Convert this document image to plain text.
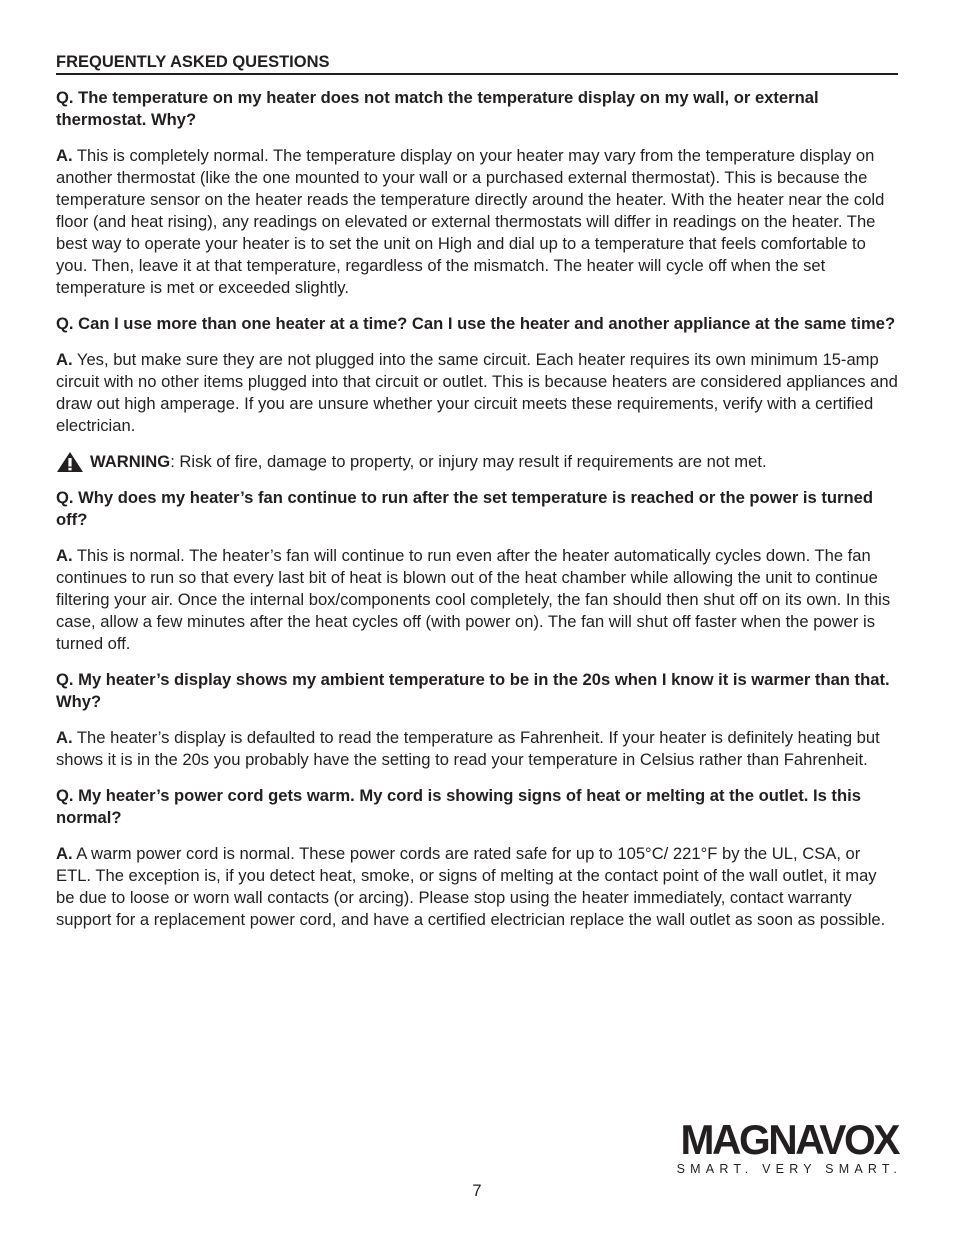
FREQUENTLY ASKED QUESTIONS
Q. The temperature on my heater does not match the temperature display on my wall, or external thermostat. Why?
A. This is completely normal. The temperature display on your heater may vary from the temperature display on another thermostat (like the one mounted to your wall or a purchased external thermostat). This is because the temperature sensor on the heater reads the temperature directly around the heater. With the heater near the cold floor (and heat rising), any readings on elevated or external thermostats will differ in readings on the heater. The best way to operate your heater is to set the unit on High and dial up to a temperature that feels comfortable to you. Then, leave it at that temperature, regardless of the mismatch. The heater will cycle off when the set temperature is met or exceeded slightly.
Q. Can I use more than one heater at a time? Can I use the heater and another appliance at the same time?
A. Yes, but make sure they are not plugged into the same circuit. Each heater requires its own minimum 15-amp circuit with no other items plugged into that circuit or outlet. This is because heaters are considered appliances and draw out high amperage. If you are unsure whether your circuit meets these requirements, verify with a certified electrician.
WARNING: Risk of fire, damage to property, or injury may result if requirements are not met.
Q. Why does my heater’s fan continue to run after the set temperature is reached or the power is turned off?
A. This is normal. The heater’s fan will continue to run even after the heater automatically cycles down. The fan continues to run so that every last bit of heat is blown out of the heat chamber while allowing the unit to continue filtering your air. Once the internal box/components cool completely, the fan should then shut off on its own. In this case, allow a few minutes after the heat cycles off (with power on). The fan will shut off faster when the power is turned off.
Q. My heater’s display shows my ambient temperature to be in the 20s when I know it is warmer than that. Why?
A. The heater’s display is defaulted to read the temperature as Fahrenheit. If your heater is definitely heating but shows it is in the 20s you probably have the setting to read your temperature in Celsius rather than Fahrenheit.
Q. My heater’s power cord gets warm. My cord is showing signs of heat or melting at the outlet. Is this normal?
A. A warm power cord is normal. These power cords are rated safe for up to 105°C/ 221°F by the UL, CSA, or ETL. The exception is, if you detect heat, smoke, or signs of melting at the contact point of the wall outlet, it may be due to loose or worn wall contacts (or arcing). Please stop using the heater immediately, contact warranty support for a replacement power cord, and have a certified electrician replace the wall outlet as soon as possible.
MAGNAVOX
SMART. VERY SMART.
7
